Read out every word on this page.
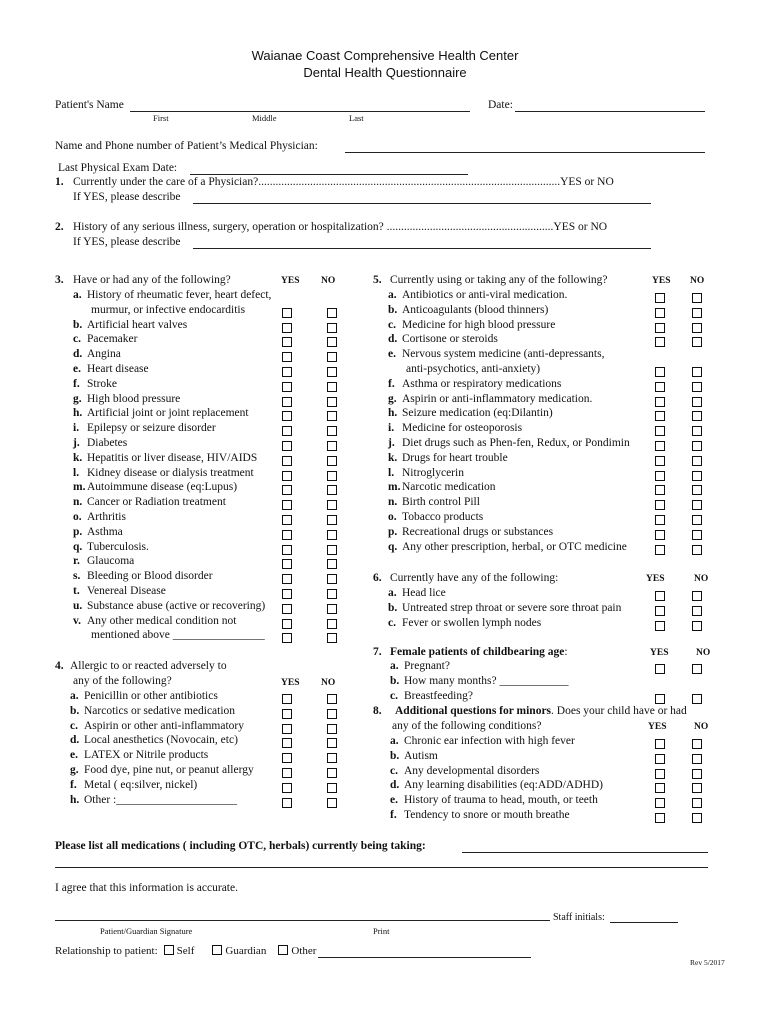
Waianae Coast Comprehensive Health Center
Dental Health Questionnaire
Patient's Name
First	Middle	Last
Date:
Name and Phone number of Patient’s Medical Physician:
Last Physical Exam Date:
1. Currently under the care of a Physician?.........................................................................................................YES or NO
If YES, please describe
2. History of any serious illness, surgery, operation or hospitalization? ..........................................................YES or NO
If YES, please describe
3. Have or had any of the following?	YES NO
a. History of rheumatic fever, heart defect,
murmur, or infective endocarditis
b. Artificial heart valves
c. Pacemaker
d. Angina
e. Heart disease
f. Stroke
g. High blood pressure
h. Artificial joint or joint replacement
i. Epilepsy or seizure disorder
j. Diabetes
k. Hepatitis or liver disease, HIV/AIDS
l. Kidney disease or dialysis treatment
m. Autoimmune disease (eq:Lupus)
n. Cancer or Radiation treatment
o. Arthritis
p. Asthma
q. Tuberculosis.
r. Glaucoma
s. Bleeding or Blood disorder
t. Venereal Disease
u. Substance abuse (active or recovering)
v. Any other medical condition not
mentioned above ________________
4. Allergic to or reacted adversely to
any of the following?	YES NO
a. Penicillin or other antibiotics
b. Narcotics or sedative medication
c. Aspirin or other anti-inflammatory
d. Local anesthetics (Novocain, etc)
e. LATEX or Nitrile products
g. Food dye, pine nut, or peanut allergy
f. Metal ( eq:silver, nickel)
h. Other :_____________________
5. Currently using or taking any of the following?	YES NO
a. Antibiotics or anti-viral medication.
b. Anticoagulants (blood thinners)
c. Medicine for high blood pressure
d. Cortisone or steroids
e. Nervous system medicine (anti-depressants,
anti-psychotics, anti-anxiety)
f. Asthma or respiratory medications
g. Aspirin or anti-inflammatory medication.
h. Seizure medication (eq:Dilantin)
i. Medicine for osteoporosis
j. Diet drugs such as Phen-fen, Redux, or Pondimin
k. Drugs for heart trouble
l. Nitroglycerin
m. Narcotic medication
n. Birth control Pill
o. Tobacco products
p. Recreational drugs or substances
q. Any other prescription, herbal, or OTC medicine
6. Currently have any of the following:	YES	NO
a. Head lice
b. Untreated strep throat or severe sore throat pain
c. Fever or swollen lymph nodes
7. Female patients of childbearing age:	YES	NO
a. Pregnant?
b. How many months? ____________
c. Breastfeeding?
8. Additional questions for minors. Does your child have or had
any of the following conditions?	YES	NO
a. Chronic ear infection with high fever
b. Autism
c. Any developmental disorders
d. Any learning disabilities (eq:ADD/ADHD)
e. History of trauma to head, mouth, or teeth
f. Tendency to snore or mouth breathe
Please list all medications ( including OTC, herbals) currently being taking:
I agree that this information is accurate.
Staff initials:
Patient/Guardian Signature	Print
Relationship to patient: Self	Guardian Other
Rev 5/2017
